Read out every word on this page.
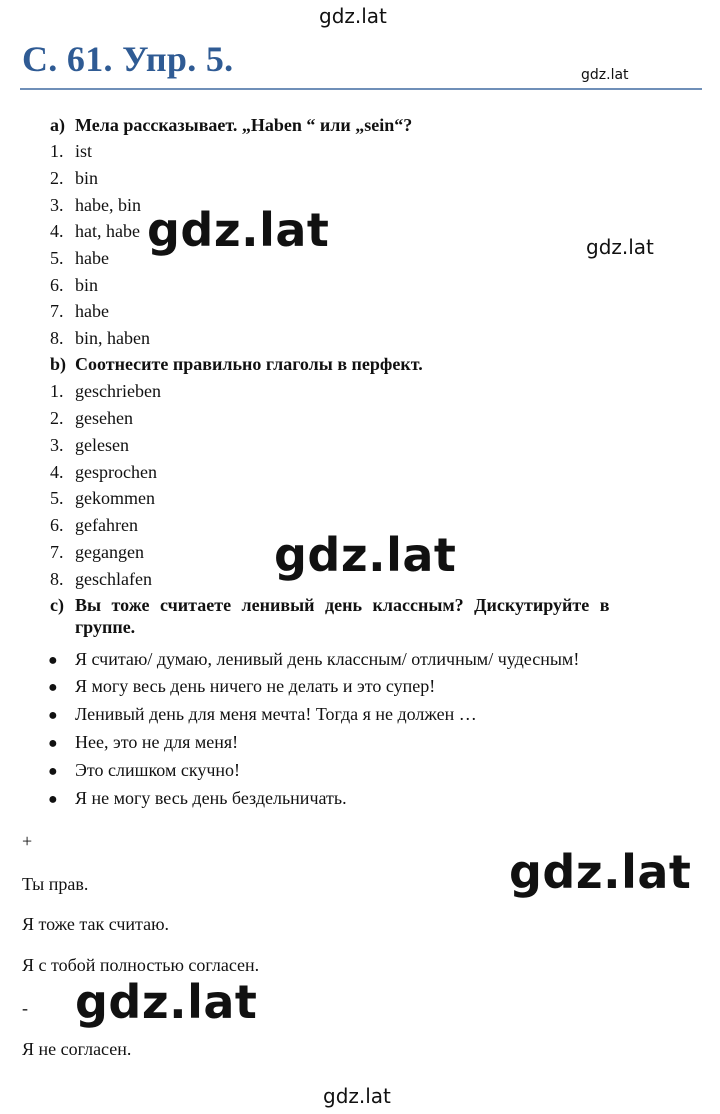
gdz.lat
gdz.lat
С. 61. Упр. 5.
a) Мела рассказывает. „Haben “ или „sein“?
1. ist
2. bin
3. habe, bin
4. hat, habe
5. habe
6. bin
7. habe
8. bin, haben
b) Соотнесите правильно глаголы в перфект.
1. geschrieben
2. gesehen
3. gelesen
4. gesprochen
5. gekommen
6. gefahren
7. gegangen
8. geschlafen
c) Вы тоже считаете ленивый день классным? Дискутируйте в
группе.
● Я считаю/ думаю, ленивый день классным/ отличным/ чудесным!
● Я могу весь день ничего не делать и это супер!
● Ленивый день для меня мечта! Тогда я не должен …
● Нее, это не для меня!
● Это слишком скучно!
● Я не могу весь день бездельничать.
+
Ты прав.
Я тоже так считаю.
Я с тобой полностью согласен.
-
Я не согласен.
gdz.lat
gdz.lat
gdz.lat
gdz.lat
gdz.lat
gdz.lat
